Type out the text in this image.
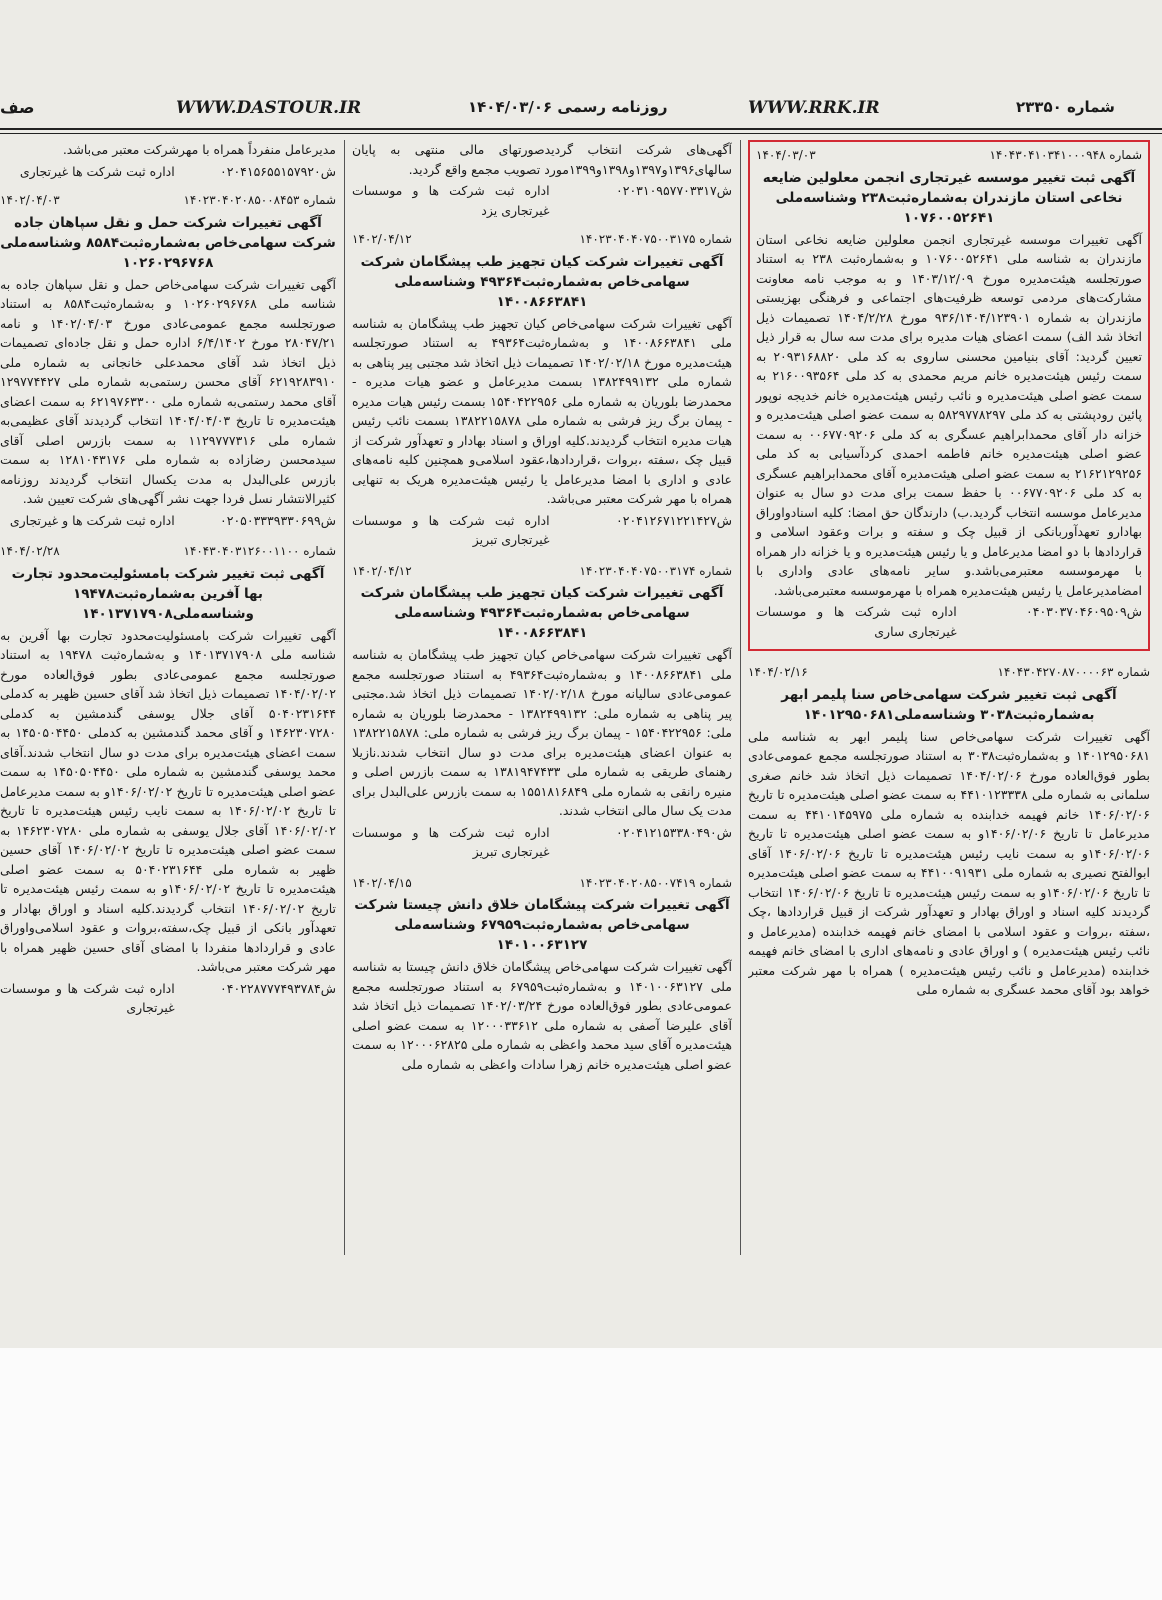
صف	WWW.DASTOUR.IR	روزنامه رسمی ۱۴۰۴/۰۳/۰۶	WWW.RRK.IR	شماره ۲۳۳۵۰
شماره ۱۴۰۴۳۰۴۱۰۳۴۱۰۰۰۹۴۸
۱۴۰۴/۰۳/۰۳
آگهی ثبت تغییر موسسه غیرتجاری انجمن معلولین ضایعه نخاعی استان مازندران به‌شماره‌ثبت۲۳۸ وشناسه‌ملی ۱۰۷۶۰۰۵۲۶۴۱

آگهی تغییرات موسسه غیرتجاری انجمن معلولین ضایعه نخاعی استان مازندران به شناسه ملی ۱۰۷۶۰۰۵۲۶۴۱ و به‌شماره‌ثبت ۲۳۸ به استناد صورتجلسه هیئت‌مدیره مورخ ۱۴۰۳/۱۲/۰۹ و به موجب نامه معاونت مشارکت‌های مردمی توسعه ظرفیت‌های اجتماعی و فرهنگی بهزیستی مازندران به شماره ۹۳۶/۱۴۰۴/۱۲۳۹۰۱ مورخ ۱۴۰۴/۲/۲۸ تصمیمات ذیل اتخاذ شد الف) سمت اعضای هیات مدیره برای مدت سه سال به قرار ذیل تعیین گردید: آقای بنیامین محسنی ساروی به کد ملی ۲۰۹۳۱۶۸۸۲۰ به سمت رئیس هیئت‌مدیره خانم مریم محمدی به کد ملی ۲۱۶۰۰۹۳۵۶۴ به سمت عضو اصلی هیئت‌مدیره و نائب رئیس هیئت‌مدیره خانم خدیجه نوپور پائین رودپشتی به کد ملی ۵۸۲۹۷۷۸۲۹۷ به سمت عضو اصلی هیئت‌مدیره و خزانه دار آقای محمدابراهیم عسگری به کد ملی ۰۰۶۷۷۰۹۲۰۶ به سمت عضو اصلی هیئت‌مدیره خانم فاطمه احمدی کردآسیابی به کد ملی ۲۱۶۲۱۲۹۲۵۶ به سمت عضو اصلی هیئت‌مدیره آقای محمدابراهیم عسگری به کد ملی ۰۰۶۷۷۰۹۲۰۶ با حفظ سمت برای مدت دو سال به عنوان مدیرعامل موسسه انتخاب گردید.ب) دارندگان حق امضا: کلیه اسنادواوراق بهادارو تعهدآوربانکی از قبیل چک و سفته و برات وعقود اسلامی و قراردادها با دو امضا مدیرعامل و یا رئیس هیئت‌مدیره و یا خزانه دار همراه با مهرموسسه معتبرمی‌باشد.و سایر نامه‌های عادی واداری با امضامدیرعامل یا رئیس هیئت‌مدیره همراه با مهرموسسه معتبرمی‌باشد.

ش۰۴۰۳۰۳۷۰۴۶۰۹۵۰۹
اداره ثبت شرکت ها و موسسات غیرتجاری ساری
شماره ۱۴۰۴۳۰۴۲۷۰۸۷۰۰۰۰۶۳
۱۴۰۴/۰۲/۱۶
آگهی ثبت تغییر شرکت سهامی‌خاص سنا پلیمر ابهر به‌شماره‌ثبت۳۰۳۸ وشناسه‌ملی۱۴۰۱۲۹۵۰۶۸۱

آگهی تغییرات شرکت سهامی‌خاص سنا پلیمر ابهر به شناسه ملی ۱۴۰۱۲۹۵۰۶۸۱ و به‌شماره‌ثبت۳۰۳۸ به استناد صورتجلسه مجمع عمومی‌عادی بطور فوق‌العاده مورخ ۱۴۰۴/۰۲/۰۶ تصمیمات ذیل اتخاذ شد خانم صغری سلمانی به شماره ملی ۴۴۱۰۱۲۳۳۳۸ به سمت عضو اصلی هیئت‌مدیره تا تاریخ ۱۴۰۶/۰۲/۰۶ خانم فهیمه خدابنده به شماره ملی ۴۴۱۰۱۴۵۹۷۵ به سمت مدیرعامل تا تاریخ ۱۴۰۶/۰۲/۰۶و به سمت عضو اصلی هیئت‌مدیره تا تاریخ ۱۴۰۶/۰۲/۰۶و به سمت نایب رئیس هیئت‌مدیره تا تاریخ ۱۴۰۶/۰۲/۰۶ آقای ابوالفتح نصیری به شماره ملی ۴۴۱۰۰۹۱۹۳۱ به سمت عضو اصلی هیئت‌مدیره تا تاریخ ۱۴۰۶/۰۲/۰۶و به سمت رئیس هیئت‌مدیره تا تاریخ ۱۴۰۶/۰۲/۰۶ انتخاب گردیدند کلیه اسناد و اوراق بهادار و تعهدآور شرکت از قبیل قراردادها ،چک ،سفته ،بروات و عقود اسلامی با امضای خانم فهیمه خدابنده (مدیرعامل و نائب رئیس هیئت‌مدیره ) و اوراق عادی و نامه‌های اداری با امضای خانم فهیمه خدابنده (مدیرعامل و نائب رئیس هیئت‌مدیره ) همراه با مهر شرکت معتبر خواهد بود آقای محمد عسگری به شماره ملی

آگهی‌های شرکت انتخاب گردیدصورتهای مالی منتهی به پایان سالهای۱۳۹۶و۱۳۹۷و۱۳۹۸و۱۳۹۹مورد تصویب مجمع واقع گردید.

ش۰۲۰۳۱۰۹۵۷۷۰۳۳۱۷
اداره ثبت شرکت ها و موسسات غیرتجاری یزد
شماره ۱۴۰۲۳۰۴۰۴۰۷۵۰۰۳۱۷۵
۱۴۰۲/۰۴/۱۲
آگهی تغییرات شرکت کیان تجهیز طب پیشگامان شرکت سهامی‌خاص به‌شماره‌ثبت۴۹۳۶۴ وشناسه‌ملی ۱۴۰۰۸۶۶۳۸۴۱

آگهی تغییرات شرکت سهامی‌خاص کیان تجهیز طب پیشگامان به شناسه ملی ۱۴۰۰۸۶۶۳۸۴۱ و به‌شماره‌ثبت۴۹۳۶۴ به استناد صورتجلسه هیئت‌مدیره مورخ ۱۴۰۲/۰۲/۱۸ تصمیمات ذیل اتخاذ شد مجتبی پیر پناهی به شماره ملی ۱۳۸۲۴۹۹۱۳۲ بسمت مدیرعامل و عضو هیات مدیره - محمدرضا بلوریان به شماره ملی ۱۵۴۰۴۲۲۹۵۶ بسمت رئیس هیات مدیره - پیمان برگ ریز فرشی به شماره ملی ۱۳۸۲۲۱۵۸۷۸ بسمت نائب رئیس هیات مدیره انتخاب گردیدند.کلیه اوراق و اسناد بهادار و تعهدآور شرکت از قبیل چک ،سفته ،بروات ،قراردادها،عقود اسلامی‌و همچنین کلیه نامه‌های عادی و اداری با امضا مدیرعامل یا رئیس هیئت‌مدیره هریک به تنهایی همراه با مهر شرکت معتبر می‌باشد.

ش۰۲۰۴۱۲۶۷۱۲۲۱۴۲۷
اداره ثبت شرکت ها و موسسات غیرتجاری تبریز
شماره ۱۴۰۲۳۰۴۰۴۰۷۵۰۰۳۱۷۴
۱۴۰۲/۰۴/۱۲
آگهی تغییرات شرکت کیان تجهیز طب پیشگامان شرکت سهامی‌خاص به‌شماره‌ثبت۴۹۳۶۴ وشناسه‌ملی ۱۴۰۰۸۶۶۳۸۴۱

آگهی تغییرات شرکت سهامی‌خاص کیان تجهیز طب پیشگامان به شناسه ملی ۱۴۰۰۸۶۶۳۸۴۱ و به‌شماره‌ثبت۴۹۳۶۴ به استناد صورتجلسه مجمع عمومی‌عادی سالیانه مورخ ۱۴۰۲/۰۲/۱۸ تصمیمات ذیل اتخاذ شد.مجتبی پیر پناهی به شماره ملی: ۱۳۸۲۴۹۹۱۳۲ - محمدرضا بلوریان به شماره ملی: ۱۵۴۰۴۲۲۹۵۶ - پیمان برگ ریز فرشی به شماره ملی: ۱۳۸۲۲۱۵۸۷۸ به عنوان اعضای هیئت‌مدیره برای مدت دو سال انتخاب شدند.نازیلا رهنمای طریقی به شماره ملی ۱۳۸۱۹۴۷۴۳۳ به سمت بازرس اصلی و منیره رانقی به شماره ملی ۱۵۵۱۸۱۶۸۴۹ به سمت بازرس علی‌البدل برای مدت یک سال مالی انتخاب شدند.

ش۰۲۰۴۱۲۱۵۳۳۸۰۴۹۰
اداره ثبت شرکت ها و موسسات غیرتجاری تبریز
شماره ۱۴۰۲۳۰۴۰۲۰۸۵۰۰۷۴۱۹
۱۴۰۲/۰۴/۱۵
آگهی تغییرات شرکت پیشگامان خلاق دانش چیستا شرکت سهامی‌خاص به‌شماره‌ثبت۶۷۹۵۹ وشناسه‌ملی ۱۴۰۱۰۰۶۳۱۲۷

آگهی تغییرات شرکت سهامی‌خاص پیشگامان خلاق دانش چیستا به شناسه ملی ۱۴۰۱۰۰۶۳۱۲۷ و به‌شماره‌ثبت۶۷۹۵۹ به استناد صورتجلسه مجمع عمومی‌عادی بطور فوق‌العاده مورخ ۱۴۰۲/۰۳/۲۴ تصمیمات ذیل اتخاذ شد آقای علیرضا آصفی به شماره ملی ۱۲۰۰۰۳۳۶۱۲ به سمت عضو اصلی هیئت‌مدیره آقای سید محمد واعظی به شماره ملی ۱۲۰۰۰۶۲۸۲۵ به سمت عضو اصلی هیئت‌مدیره خانم زهرا سادات واعظی به شماره ملی

مدیرعامل منفرداً همراه با مهرشرکت معتبر می‌باشد.

ش۰۲۰۴۱۵۶۵۵۱۵۷۹۲۰
اداره ثبت شرکت ها غیرتجاری
شماره ۱۴۰۲۳۰۴۰۲۰۸۵۰۰۸۴۵۳
۱۴۰۲/۰۴/۰۳
آگهی تغییرات شرکت حمل و نقل سپاهان جاده شرکت سهامی‌خاص به‌شماره‌ثبت۸۵۸۴ وشناسه‌ملی ۱۰۲۶۰۲۹۶۷۶۸

آگهی تغییرات شرکت سهامی‌خاص حمل و نقل سپاهان جاده به شناسه ملی ۱۰۲۶۰۲۹۶۷۶۸ و به‌شماره‌ثبت۸۵۸۴ به استناد صورتجلسه مجمع عمومی‌عادی مورخ ۱۴۰۲/۰۴/۰۳ و نامه ۲۸۰۴۷/۲۱ مورخ ۶/۴/۱۴۰۲ اداره حمل و نقل جاده‌ای تصمیمات ذیل اتخاذ شد آقای محمدعلی خانجانی به شماره ملی ۶۲۱۹۲۸۳۹۱۰ آقای محسن رستمی‌به شماره ملی ۱۲۹۷۷۴۴۲۷ آقای محمد رستمی‌به شماره ملی ۶۲۱۹۷۶۳۳۰۰ به سمت اعضای هیئت‌مدیره تا تاریخ ۱۴۰۴/۰۴/۰۳ انتخاب گردیدند آقای عظیمی‌به شماره ملی ۱۱۲۹۷۷۷۳۱۶ به سمت بازرس اصلی آقای سیدمحسن رضازاده به شماره ملی ۱۲۸۱۰۴۳۱۷۶ به سمت بازرس علی‌البدل به مدت یکسال انتخاب گردیدند روزنامه کثیرالانتشار نسل فردا جهت نشر آگهی‌های شرکت تعیین شد.

ش۰۲۰۵۰۳۳۳۹۳۳۰۶۹۹
اداره ثبت شرکت ها و غیرتجاری
شماره ۱۴۰۴۳۰۴۰۳۱۲۶۰۰۱۱۰۰
۱۴۰۴/۰۲/۲۸
آگهی ثبت تغییر شرکت بامسئولیت‌محدود تجارت بها آفرین به‌شماره‌ثبت۱۹۴۷۸ وشناسه‌ملی۱۴۰۱۳۷۱۷۹۰۸

آگهی تغییرات شرکت بامسئولیت‌محدود تجارت بها آفرین به شناسه ملی ۱۴۰۱۳۷۱۷۹۰۸ و به‌شماره‌ثبت ۱۹۴۷۸ به استناد صورتجلسه مجمع عمومی‌عادی بطور فوق‌العاده مورخ ۱۴۰۴/۰۲/۰۲ تصمیمات ذیل اتخاذ شد آقای حسین ظهیر به کدملی ۵۰۴۰۲۳۱۶۴۴ آقای جلال یوسفی گندمشین به کدملی ۱۴۶۲۳۰۷۲۸۰ و آقای محمد گندمشین به کدملی ۱۴۵۰۵۰۴۴۵۰ به سمت اعضای هیئت‌مدیره برای مدت دو سال انتخاب شدند.آقای محمد یوسفی گندمشین به شماره ملی ۱۴۵۰۵۰۴۴۵۰ به سمت عضو اصلی هیئت‌مدیره تا تاریخ ۱۴۰۶/۰۲/۰۲و به سمت مدیرعامل تا تاریخ ۱۴۰۶/۰۲/۰۲ به سمت نایب رئیس هیئت‌مدیره تا تاریخ ۱۴۰۶/۰۲/۰۲ آقای جلال یوسفی به شماره ملی ۱۴۶۲۳۰۷۲۸۰ به سمت عضو اصلی هیئت‌مدیره تا تاریخ ۱۴۰۶/۰۲/۰۲ آقای حسین ظهیر به شماره ملی ۵۰۴۰۲۳۱۶۴۴ به سمت عضو اصلی هیئت‌مدیره تا تاریخ ۱۴۰۶/۰۲/۰۲و به سمت رئیس هیئت‌مدیره تا تاریخ ۱۴۰۶/۰۲/۰۲ انتخاب گردیدند.کلیه اسناد و اوراق بهادار و تعهدآور بانکی از قبیل چک،سفته،بروات و عقود اسلامی‌و‌اوراق عادی و قراردادها منفردا با امضای آقای حسین ظهیر همراه با مهر شرکت معتبر می‌باشد.

ش۰۴۰۲۲۸۷۷۷۴۹۳۷۸۴
اداره ثبت شرکت ها و موسسات غیرتجاری
